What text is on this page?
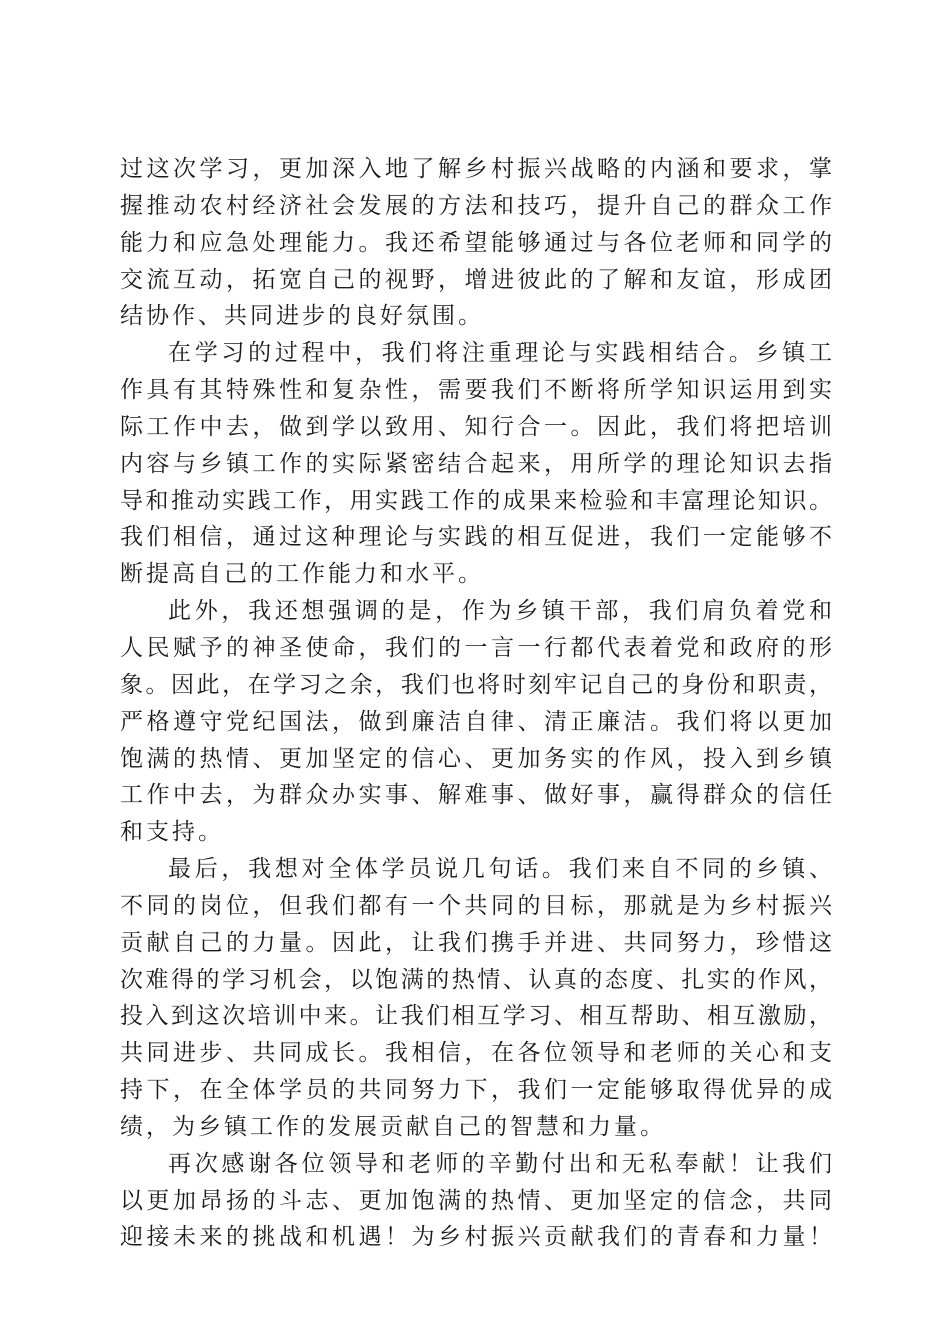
过这次学习，更加深入地了解乡村振兴战略的内涵和要求，掌
握推动农村经济社会发展的方法和技巧，提升自己的群众工作
能力和应急处理能力。我还希望能够通过与各位老师和同学的
交流互动，拓宽自己的视野，增进彼此的了解和友谊，形成团
结协作、共同进步的良好氛围。
在学习的过程中，我们将注重理论与实践相结合。乡镇工
作具有其特殊性和复杂性，需要我们不断将所学知识运用到实
际工作中去，做到学以致用、知行合一。因此，我们将把培训
内容与乡镇工作的实际紧密结合起来，用所学的理论知识去指
导和推动实践工作，用实践工作的成果来检验和丰富理论知识。
我们相信，通过这种理论与实践的相互促进，我们一定能够不
断提高自己的工作能力和水平。
此外，我还想强调的是，作为乡镇干部，我们肩负着党和
人民赋予的神圣使命，我们的一言一行都代表着党和政府的形
象。因此，在学习之余，我们也将时刻牢记自己的身份和职责，
严格遵守党纪国法，做到廉洁自律、清正廉洁。我们将以更加
饱满的热情、更加坚定的信心、更加务实的作风，投入到乡镇
工作中去，为群众办实事、解难事、做好事，赢得群众的信任
和支持。
最后，我想对全体学员说几句话。我们来自不同的乡镇、
不同的岗位，但我们都有一个共同的目标，那就是为乡村振兴
贡献自己的力量。因此，让我们携手并进、共同努力，珍惜这
次难得的学习机会，以饱满的热情、认真的态度、扎实的作风，
投入到这次培训中来。让我们相互学习、相互帮助、相互激励，
共同进步、共同成长。我相信，在各位领导和老师的关心和支
持下，在全体学员的共同努力下，我们一定能够取得优异的成
绩，为乡镇工作的发展贡献自己的智慧和力量。
再次感谢各位领导和老师的辛勤付出和无私奉献！让我们
以更加昂扬的斗志、更加饱满的热情、更加坚定的信念，共同
迎接未来的挑战和机遇！为乡村振兴贡献我们的青春和力量！
